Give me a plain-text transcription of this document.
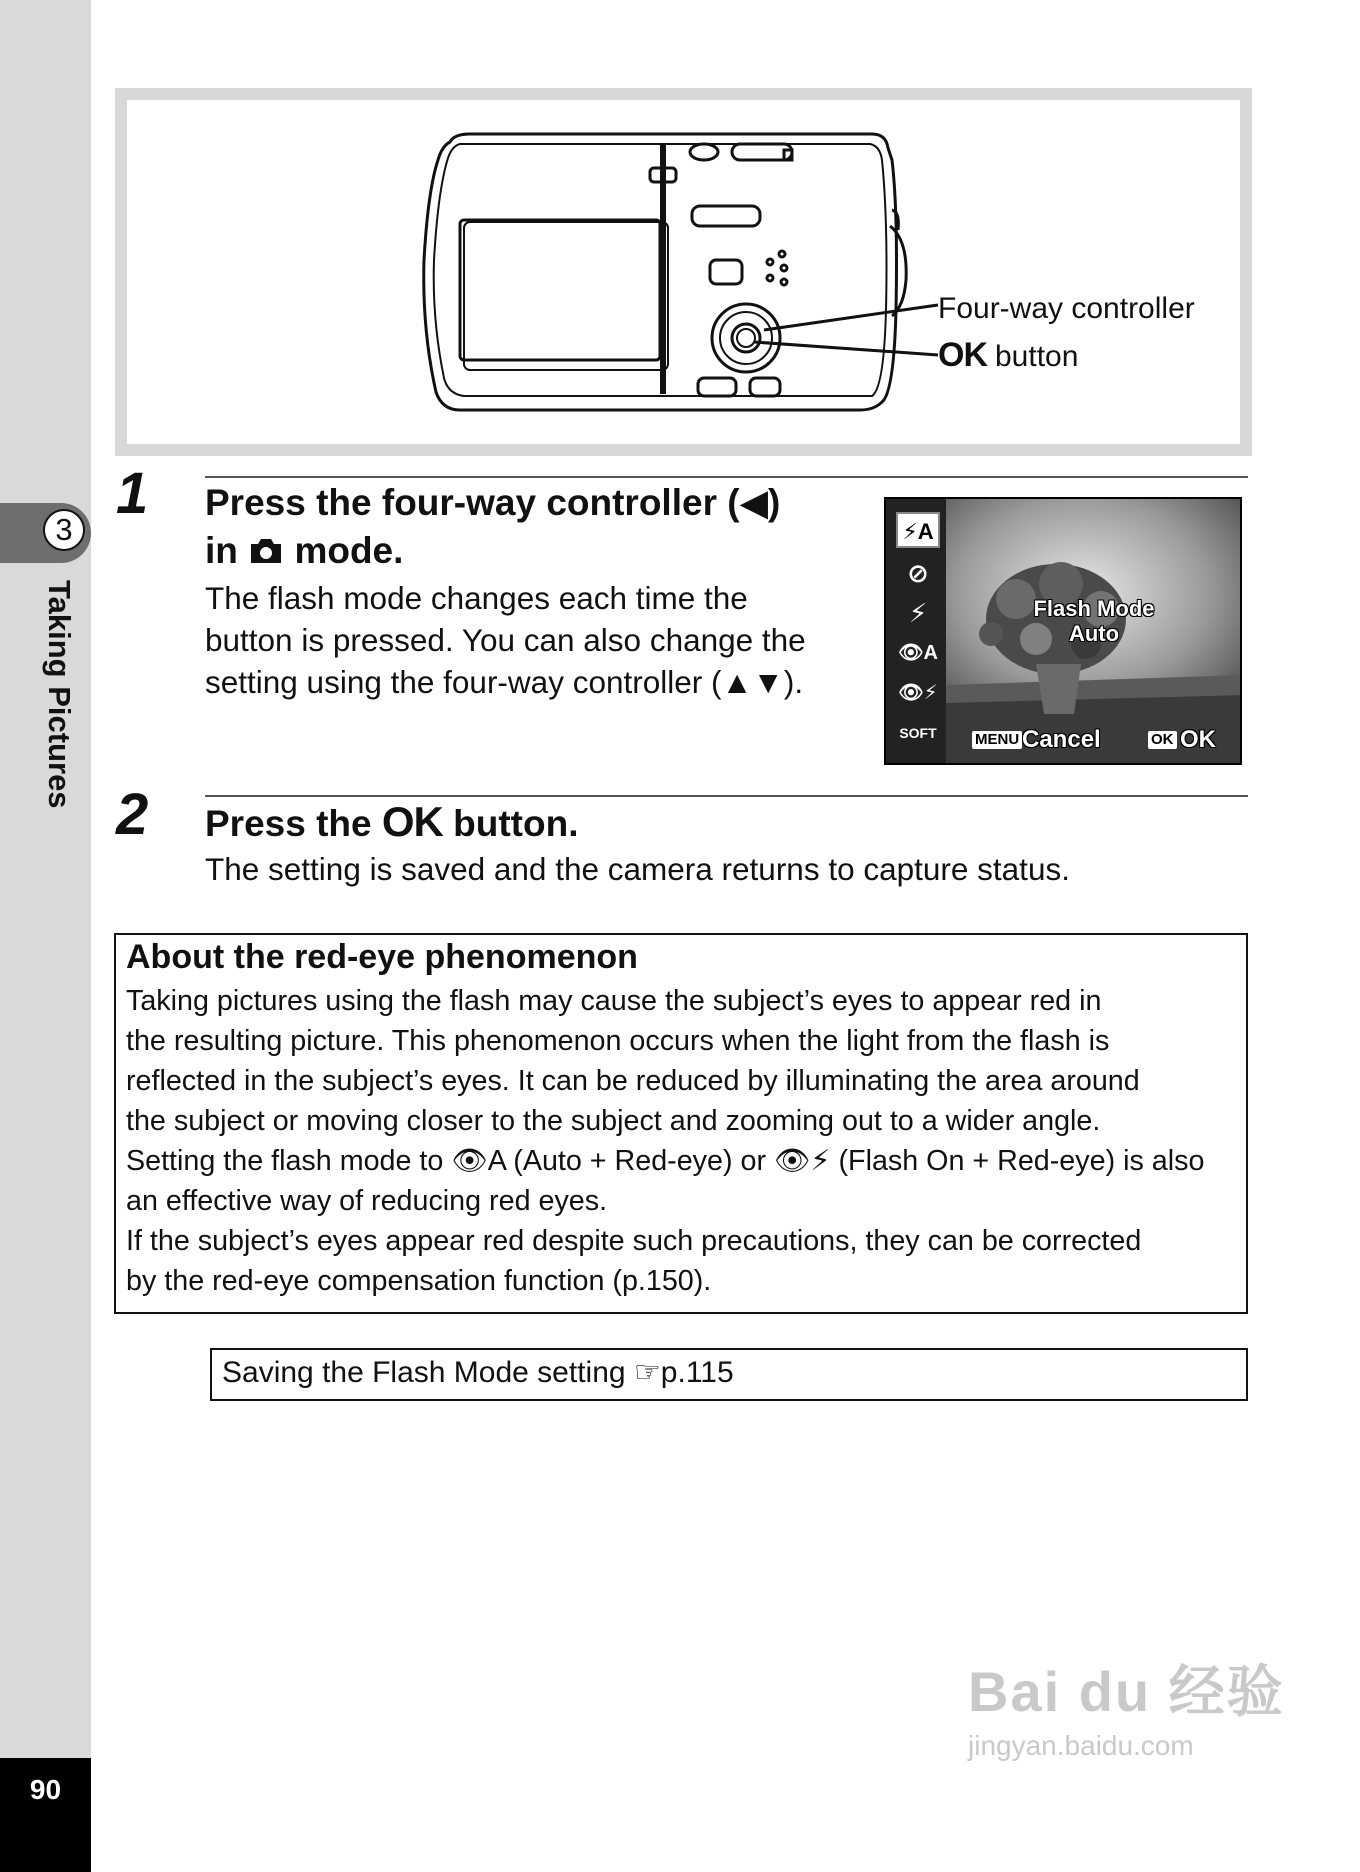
3
Taking Pictures
90
Four-way controller
OK button
1 Press the four-way controller (◀)
in  mode.

The flash mode changes each time the

button is pressed. You can also change the

setting using the four-way controller (▲▼).

⚡A
⊘
⚡
👁A
👁⚡
SOFT
Flash Mode
Auto
MENU Cancel	OK OK
2 Press the OK button.

The setting is saved and the camera returns to capture status.

About the red-eye phenomenon

Taking pictures using the flash may cause the subject’s eyes to appear red in

the resulting picture. This phenomenon occurs when the light from the flash is

reflected in the subject’s eyes. It can be reduced by illuminating the area around

the subject or moving closer to the subject and zooming out to a wider angle.

Setting the flash mode to 👁A (Auto + Red-eye) or 👁⚡ (Flash On + Red-eye) is also

an effective way of reducing red eyes.

If the subject’s eyes appear red despite such precautions, they can be corrected

by the red-eye compensation function (p.150).

Saving the Flash Mode setting ☞p.115
Bai du 经验
jingyan.baidu.com
